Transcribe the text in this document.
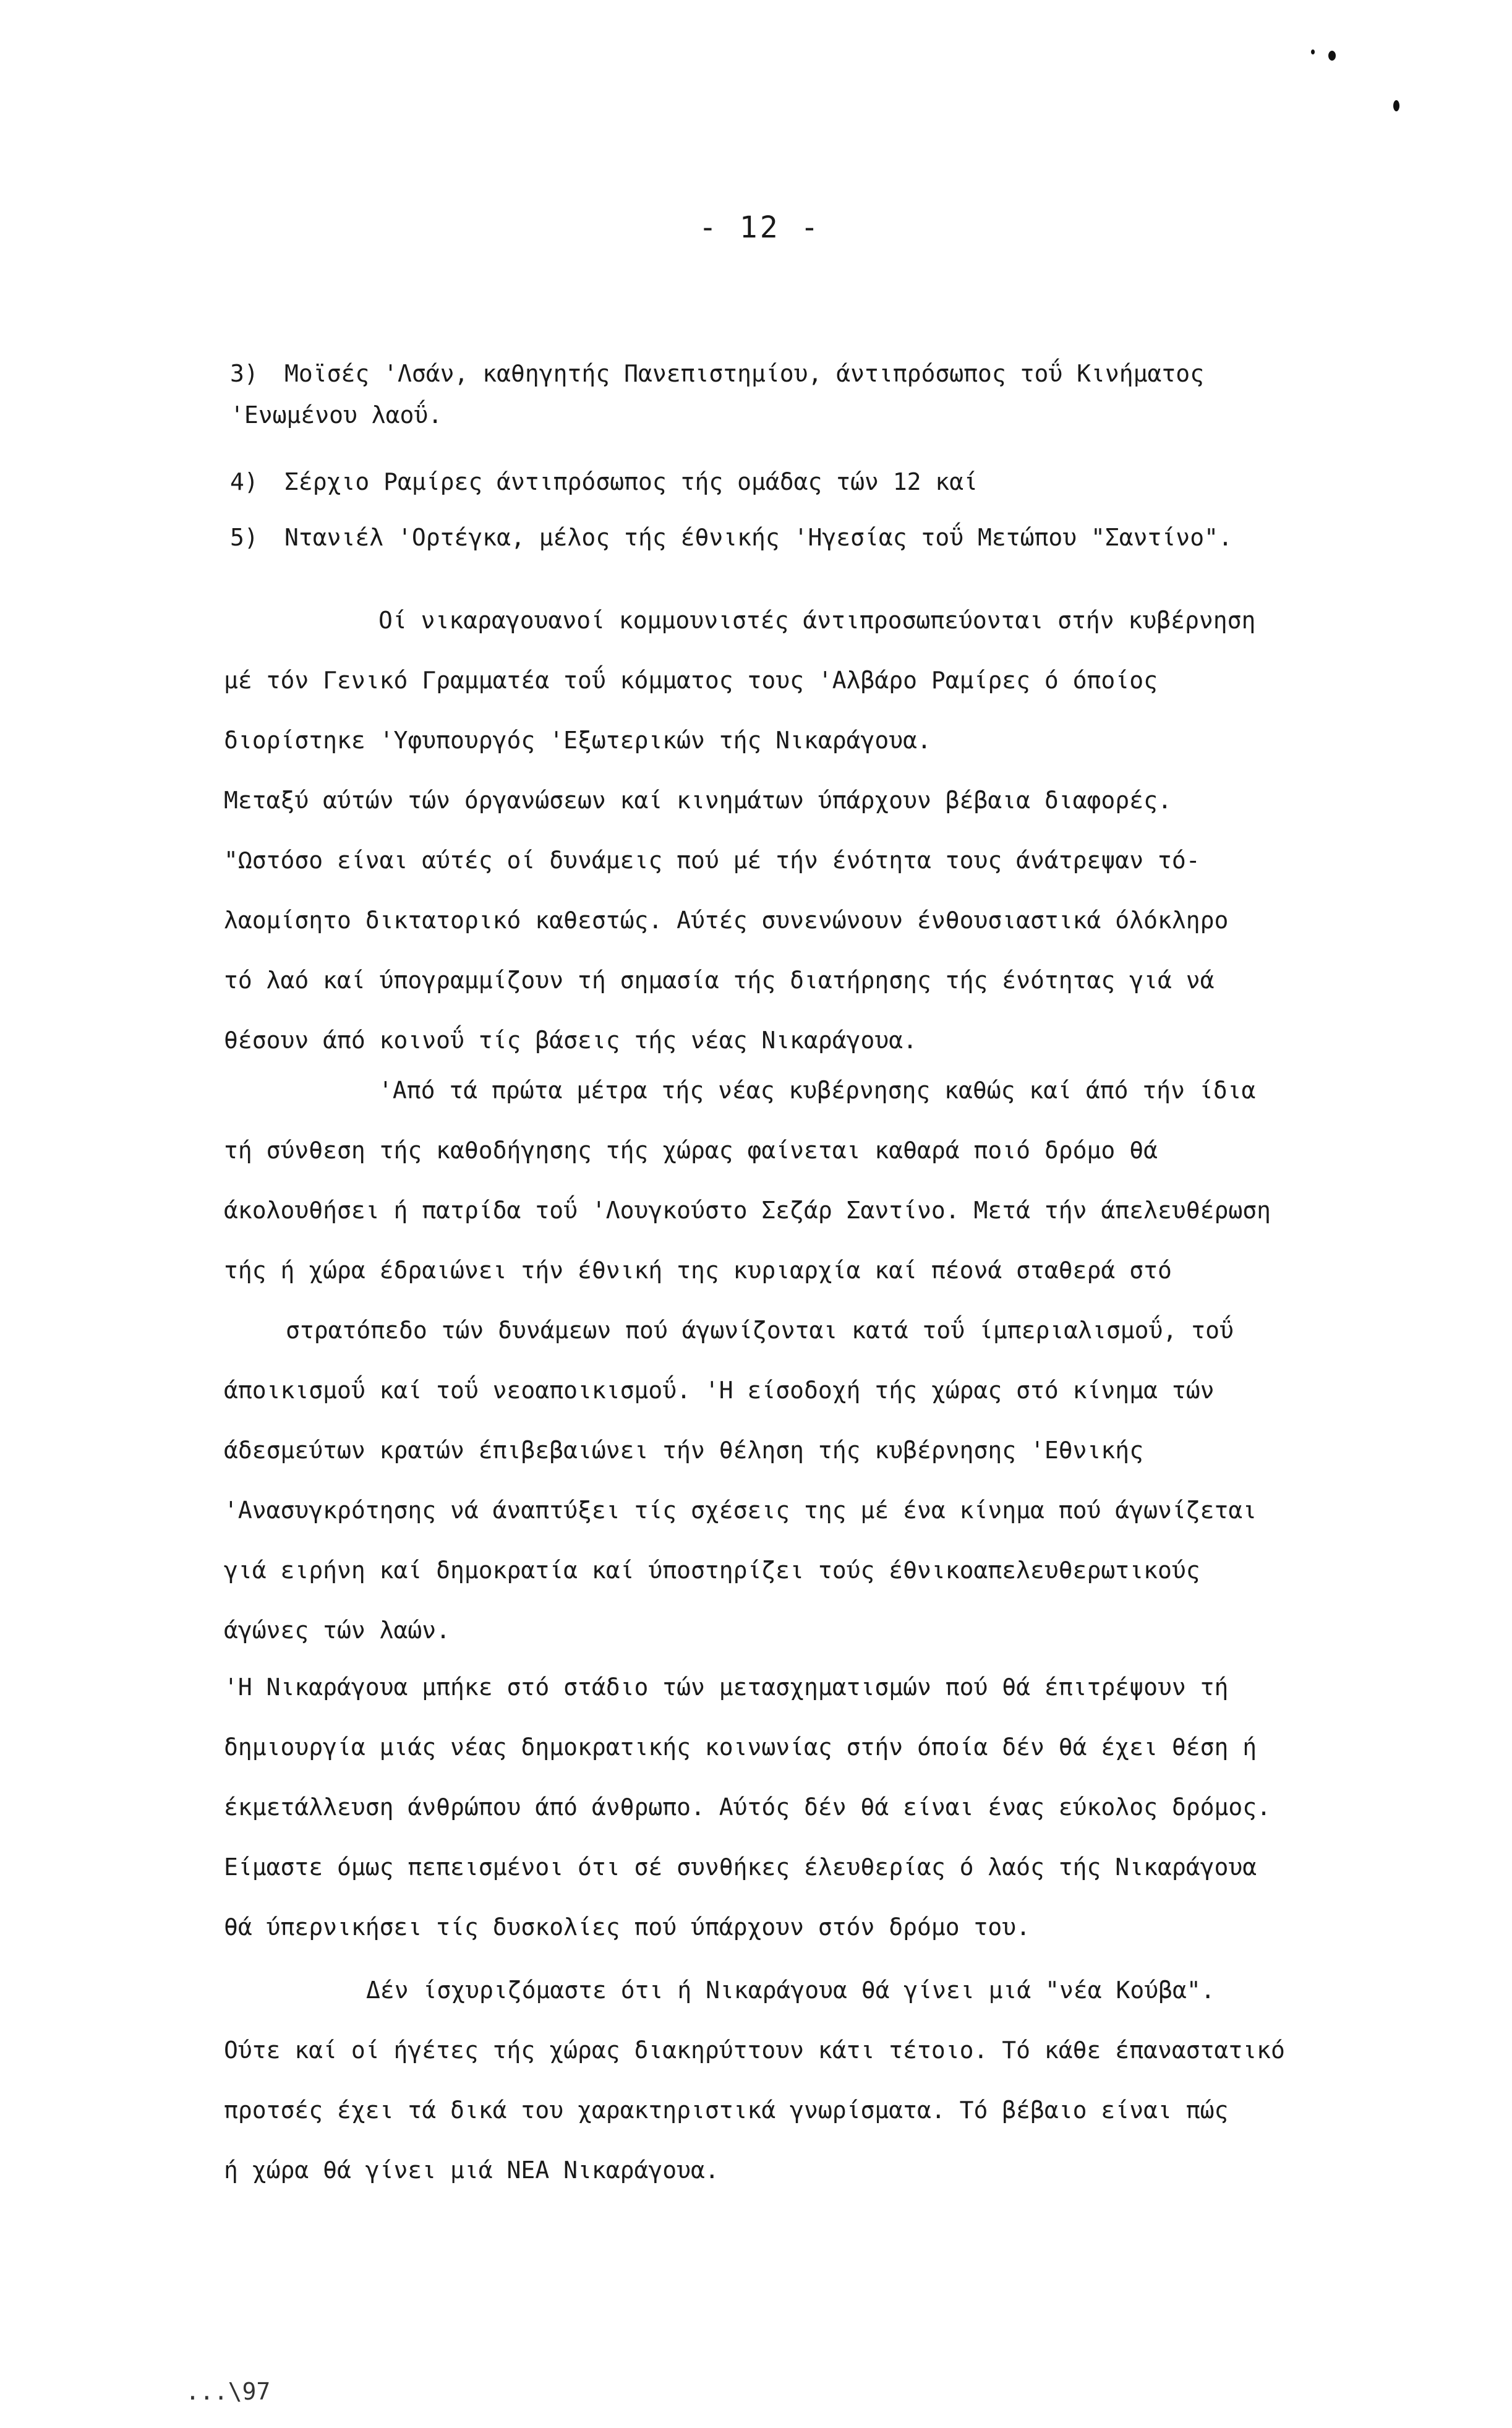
- 12 -
3) Μοϊσές 'Λσάν, καθηγητής Πανεπιστημίου, άντιπρόσωπος τοΰ Κινήματος
'Ενωμένου λαοΰ.
4) Σέρχιο Ραμίρες άντιπρόσωπος τής ομάδας τών 12 καί
5) Ντανιέλ 'Ορτέγκα, μέλος τής έθνικής 'Ηγεσίας τοΰ Μετώπου "Σαντίνο".
Οί νικαραγουανοί κομμουνιστές άντιπροσωπεύονται στήν κυβέρνηση
μέ τόν Γενικό Γραμματέα τοΰ κόμματος τους 'Αλβάρο Ραμίρες ό όποίος
διορίστηκε 'Υφυπουργός 'Εξωτερικών τής Νικαράγουα.
Μεταξύ αύτών τών όργανώσεων καί κινημάτων ύπάρχουν βέβαια διαφορές.
"Ωστόσο είναι αύτές οί δυνάμεις πού μέ τήν ένότητα τους άνάτρεψαν τό-
λαομίσητο δικτατορικό καθεστώς. Αύτές συνενώνουν ένθουσιαστικά όλόκληρο
τό λαό καί ύπογραμμίζουν τή σημασία τής διατήρησης τής ένότητας γιά νά
θέσουν άπό κοινοΰ τίς βάσεις τής νέας Νικαράγουα.
'Από τά πρώτα μέτρα τής νέας κυβέρνησης καθώς καί άπό τήν ίδια
τή σύνθεση τής καθοδήγησης τής χώρας φαίνεται καθαρά ποιό δρόμο θά
άκολουθήσει ή πατρίδα τοΰ 'Λουγκούστο Σεζάρ Σαντίνο. Μετά τήν άπελευθέρωση
τής ή χώρα έδραιώνει τήν έθνική της κυριαρχία καί πέονά σταθερά στό
στρατόπεδο τών δυνάμεων πού άγωνίζονται κατά τοΰ ίμπεριαλισμοΰ, τοΰ
άποικισμοΰ καί τοΰ νεοαποικισμοΰ. 'Η είσοδοχή τής χώρας στό κίνημα τών
άδεσμεύτων κρατών έπιβεβαιώνει τήν θέληση τής κυβέρνησης 'Εθνικής
'Ανασυγκρότησης νά άναπτύξει τίς σχέσεις της μέ ένα κίνημα πού άγωνίζεται
γιά ειρήνη καί δημοκρατία καί ύποστηρίζει τούς έθνικοαπελευθερωτικούς
άγώνες τών λαών.
'Η Νικαράγουα μπήκε στό στάδιο τών μετασχηματισμών πού θά έπιτρέψουν τή
δημιουργία μιάς νέας δημοκρατικής κοινωνίας στήν όποία δέν θά έχει θέση ή
έκμετάλλευση άνθρώπου άπό άνθρωπο. Αύτός δέν θά είναι ένας εύκολος δρόμος.
Είμαστε όμως πεπεισμένοι ότι σέ συνθήκες έλευθερίας ό λαός τής Νικαράγουα
θά ύπερνικήσει τίς δυσκολίες πού ύπάρχουν στόν δρόμο του.
Δέν ίσχυριζόμαστε ότι ή Νικαράγουα θά γίνει μιά "νέα Κούβα".
Ούτε καί οί ήγέτες τής χώρας διακηρύττουν κάτι τέτοιο. Τό κάθε έπαναστατικό
προτσές έχει τά δικά του χαρακτηριστικά γνωρίσματα. Τό βέβαιο είναι πώς
ή χώρα θά γίνει μιά ΝΕΑ Νικαράγουα.
...\97
